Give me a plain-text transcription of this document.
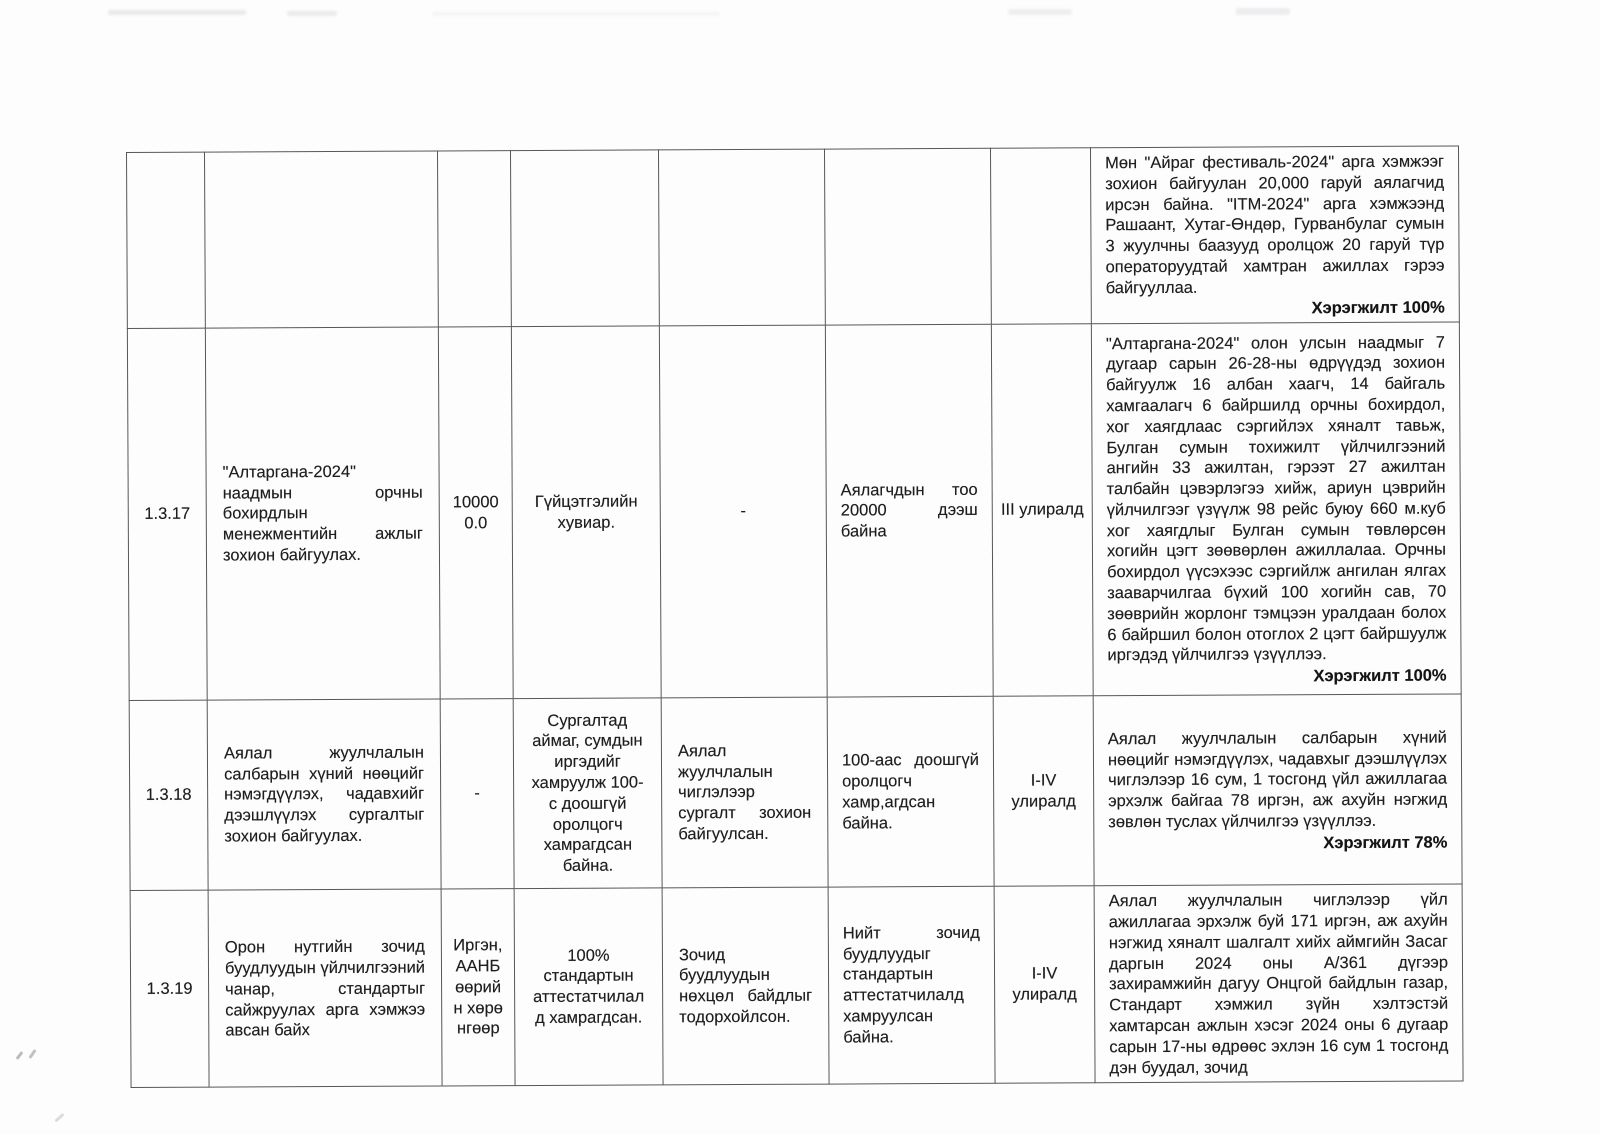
							Мөн "Айраг фестиваль-2024" арга хэмжээг зохион байгуулан 20,000 гаруй аялагчид ирсэн байна. "ITM-2024" арга хэмжээнд Рашаант, Хутаг-Өндөр, Гурванбулаг сумын 3 жуулчны баазууд оролцож 20 гаруй түр операторуудтай хамтран ажиллах гэрээ байгууллаа.
Хэрэгжилт 100%

1.3.17	"Алтаргана-2024" наадмын орчны бохирдлын менежментийн ажлыг зохион байгуулах.	100000.0	Гүйцэтгэлийн хувиар.	-	Аялагчдын тоо 20000 дээш байна	III улиралд	"Алтаргана-2024" олон улсын наадмыг 7 дугаар сарын 26-28-ны өдрүүдэд зохион байгуулж 16 албан хаагч, 14 байгаль хамгаалагч 6 байршилд орчны бохирдол, хог хаягдлаас сэргийлэх хяналт тавьж, Булган сумын тохижилт үйлчилгээний ангийн 33 ажилтан, гэрээт 27 ажилтан талбайн цэвэрлэгээ хийж, ариун цэврийн үйлчилгээг үзүүлж 98 рейс буюу 660 м.куб хог хаягдлыг Булган сумын төвлөрсөн хогийн цэгт зөөвөрлөн ажиллалаа. Орчны бохирдол үүсэхээс сэргийлж ангилан ялгах зааварчилгаа бүхий 100 хогийн сав, 70 зөөврийн жорлонг тэмцээн уралдаан болох 6 байршил болон отоглох 2 цэгт байршуулж иргэдэд үйлчилгээ үзүүллээ.
Хэрэгжилт 100%

1.3.18	Аялал жуулчлалын салбарын хүний нөөцийг нэмэгдүүлэх, чадавхийг дээшлүүлэх сургалтыг зохион байгуулах.	-	Сургалтад аймаг, сумдын иргэдийг хамруулж 100-с доошгүй оролцогч хамрагдсан байна.	Аялал жуулчлалын чиглэлээр сургалт зохион байгуулсан.	100-аас доошгүй оролцогч хамр,агдсан байна.	I-IV улиралд	Аялал жуулчлалын салбарын хүний нөөцийг нэмэгдүүлэх, чадавхыг дээшлүүлэх чиглэлээр 16 сум, 1 тосгонд үйл ажиллагаа эрхэлж байгаа 78 иргэн, аж ахуйн нэгжид зөвлөн туслах үйлчилгээ үзүүллээ.
Хэрэгжилт 78%

1.3.19	Орон нутгийн зочид буудлуудын үйлчилгээний чанар, стандартыг сайжруулах арга хэмжээ авсан байх	Иргэн, ААНБ өөрийн хөрөнгөөр	100% стандартын аттестатчилалд хамрагдсан.	Зочид буудлуудын нөхцөл байдлыг тодорхойлсон.	Нийт зочид буудлуудыг стандартын аттестатчилалд хамруулсан байна.	I-IV улиралд	Аялал жуулчлалын чиглэлээр үйл ажиллагаа эрхэлж буй 171 иргэн, аж ахуйн нэгжид хяналт шалгалт хийх аймгийн Засаг даргын 2024 оны А/361 дүгээр захирамжийн дагуу Онцгой байдлын газар, Стандарт хэмжил зүйн хэлтэстэй хамтарсан ажлын хэсэг 2024 оны 6 дугаар сарын 17-ны өдрөөс эхлэн 16 сум 1 тосгонд дэн буудал, зочид
